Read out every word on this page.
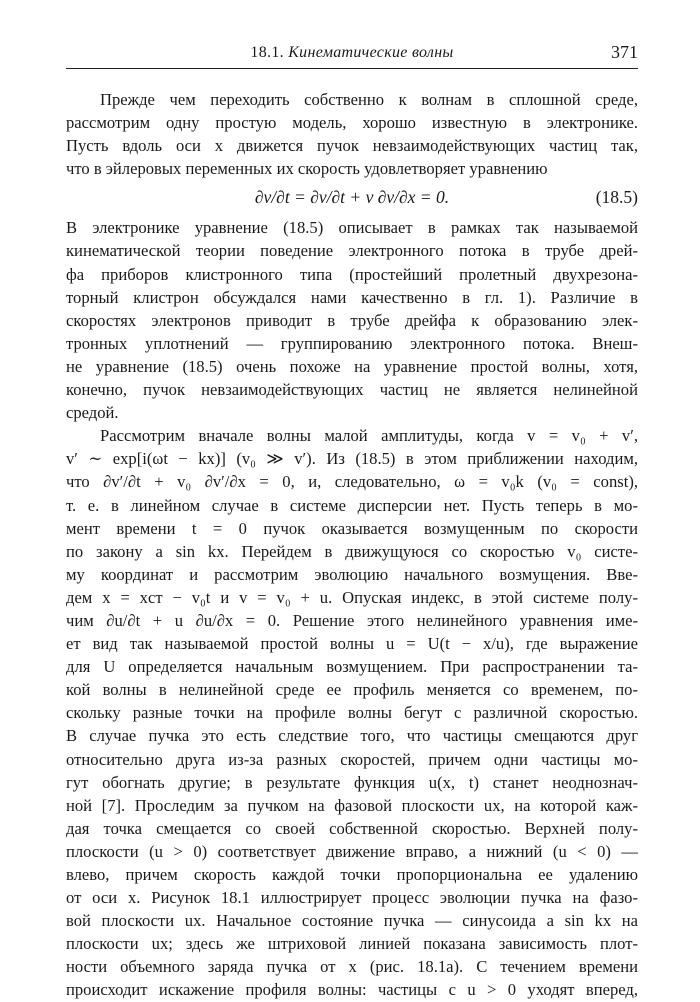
18.1. Кинематические волны	371
Прежде чем переходить собственно к волнам в сплошной среде,
рассмотрим одну простую модель, хорошо известную в электронике.
Пусть вдоль оси x движется пучок невзаимодействующих частиц так,
что в эйлеровых переменных их скорость удовлетворяет уравнению
∂v/∂t = ∂v/∂t + v ∂v/∂x = 0.	(18.5)
В электронике уравнение (18.5) описывает в рамках так называемой
кинематической теории поведение электронного потока в трубе дрей-
фа приборов клистронного типа (простейший пролетный двухрезона-
торный клистрон обсуждался нами качественно в гл. 1). Различие в
скоростях электронов приводит в трубе дрейфа к образованию элек-
тронных уплотнений — группированию электронного потока. Внеш-
не уравнение (18.5) очень похоже на уравнение простой волны, хотя,
конечно, пучок невзаимодействующих частиц не является нелинейной
средой.
Рассмотрим вначале волны малой амплитуды, когда v = v₀ + v′,
v′ ∼ exp[i(ωt − kx)] (v₀ ≫ v′). Из (18.5) в этом приближении находим,
что ∂v′/∂t + v₀ ∂v′/∂x = 0, и, следовательно, ω = v₀k (v₀ = const),
т. е. в линейном случае в системе дисперсии нет. Пусть теперь в мо-
мент времени t = 0 пучок оказывается возмущенным по скорости
по закону a sin kx. Перейдем в движущуюся со скоростью v₀ систе-
му координат и рассмотрим эволюцию начального возмущения. Вве-
дем x = xст − v₀t и v = v₀ + u. Опуская индекс, в этой системе полу-
чим ∂u/∂t + u ∂u/∂x = 0. Решение этого нелинейного уравнения име-
ет вид так называемой простой волны u = U(t − x/u), где выражение
для U определяется начальным возмущением. При распространении та-
кой волны в нелинейной среде ее профиль меняется со временем, по-
скольку разные точки на профиле волны бегут с различной скоростью.
В случае пучка это есть следствие того, что частицы смещаются друг
относительно друга из-за разных скоростей, причем одни частицы мо-
гут обогнать другие; в результате функция u(x, t) станет неоднознач-
ной [7]. Проследим за пучком на фазовой плоскости ux, на которой каж-
дая точка смещается со своей собственной скоростью. Верхней полу-
плоскости (u > 0) соответствует движение вправо, а нижний (u < 0) —
влево, причем скорость каждой точки пропорциональна ее удалению
от оси x. Рисунок 18.1 иллюстрирует процесс эволюции пучка на фазо-
вой плоскости ux. Начальное состояние пучка — синусоида a sin kx на
плоскости ux; здесь же штриховой линией показана зависимость плот-
ности объемного заряда пучка от x (рис. 18.1а). С течением времени
происходит искажение профиля волны: частицы с u > 0 уходят вперед,
